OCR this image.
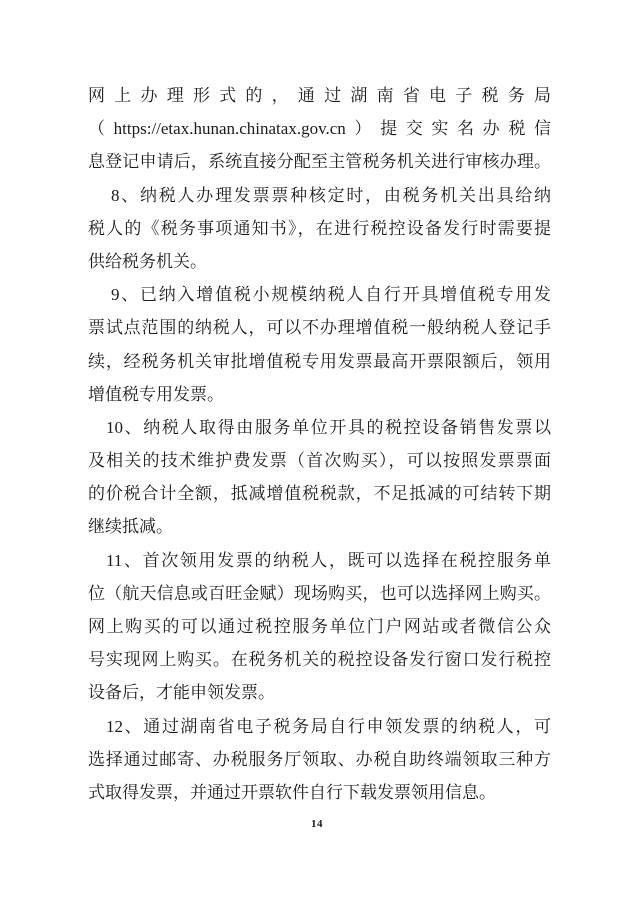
网上办理形式的，通过湖南省电子税务局
（https://etax.hunan.chinatax.gov.cn）提交实名办税信
息登记申请后，系统直接分配至主管税务机关进行审核办理。
8、纳税人办理发票票种核定时，由税务机关出具给纳
税人的《税务事项通知书》，在进行税控设备发行时需要提
供给税务机关。
9、已纳入增值税小规模纳税人自行开具增值税专用发
票试点范围的纳税人，可以不办理增值税一般纳税人登记手
续，经税务机关审批增值税专用发票最高开票限额后，领用
增值税专用发票。
10、纳税人取得由服务单位开具的税控设备销售发票以
及相关的技术维护费发票（首次购买），可以按照发票票面
的价税合计全额，抵减增值税税款，不足抵减的可结转下期
继续抵减。
11、首次领用发票的纳税人，既可以选择在税控服务单
位（航天信息或百旺金赋）现场购买，也可以选择网上购买。
网上购买的可以通过税控服务单位门户网站或者微信公众
号实现网上购买。在税务机关的税控设备发行窗口发行税控
设备后，才能申领发票。
12、通过湖南省电子税务局自行申领发票的纳税人，可
选择通过邮寄、办税服务厅领取、办税自助终端领取三种方
式取得发票，并通过开票软件自行下载发票领用信息。
14
